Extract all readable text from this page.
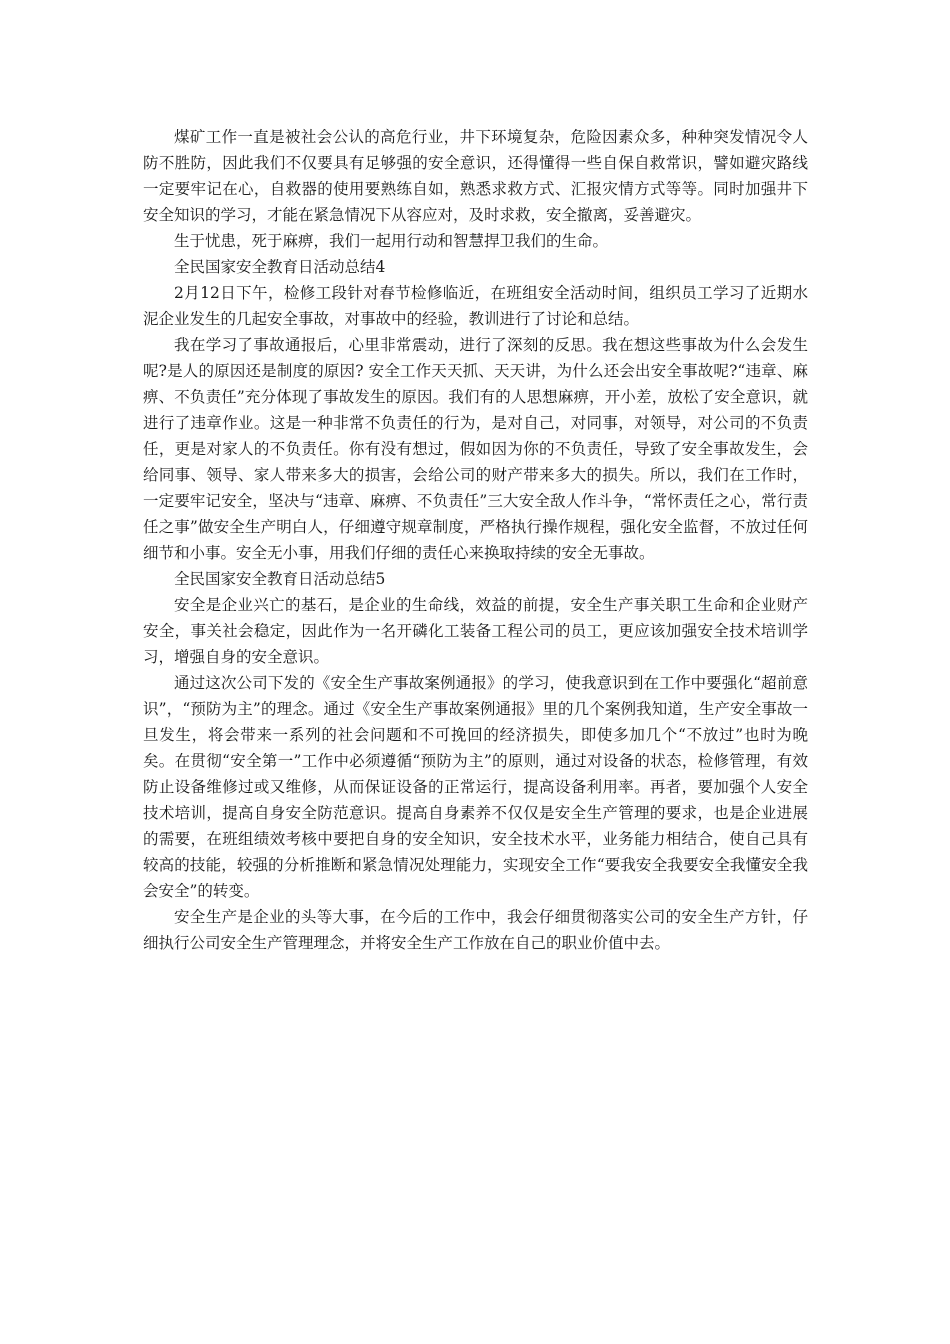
煤矿工作一直是被社会公认的高危行业，井下环境复杂，危险因素众多，种种突发情况令人防不胜防，因此我们不仅要具有足够强的安全意识，还得懂得一些自保自救常识，譬如避灾路线一定要牢记在心，自救器的使用要熟练自如，熟悉求救方式、汇报灾情方式等等。同时加强井下安全知识的学习，才能在紧急情况下从容应对，及时求救，安全撤离，妥善避灾。

生于忧患，死于麻痹，我们一起用行动和智慧捍卫我们的生命。

全民国家安全教育日活动总结4

2月12日下午，检修工段针对春节检修临近，在班组安全活动时间，组织员工学习了近期水泥企业发生的几起安全事故，对事故中的经验，教训进行了讨论和总结。

我在学习了事故通报后，心里非常震动，进行了深刻的反思。我在想这些事故为什么会发生呢?是人的原因还是制度的原因? 安全工作天天抓、天天讲，为什么还会出安全事故呢?“违章、麻痹、不负责任”充分体现了事故发生的原因。我们有的人思想麻痹，开小差，放松了安全意识，就进行了违章作业。这是一种非常不负责任的行为，是对自己，对同事，对领导，对公司的不负责任，更是对家人的不负责任。你有没有想过，假如因为你的不负责任，导致了安全事故发生，会给同事、领导、家人带来多大的损害，会给公司的财产带来多大的损失。所以，我们在工作时，一定要牢记安全，坚决与“违章、麻痹、不负责任”三大安全敌人作斗争，“常怀责任之心，常行责任之事”做安全生产明白人，仔细遵守规章制度，严格执行操作规程，强化安全监督，不放过任何细节和小事。安全无小事，用我们仔细的责任心来换取持续的安全无事故。

全民国家安全教育日活动总结5

安全是企业兴亡的基石，是企业的生命线，效益的前提，安全生产事关职工生命和企业财产安全，事关社会稳定，因此作为一名开磷化工装备工程公司的员工，更应该加强安全技术培训学习，增强自身的安全意识。

通过这次公司下发的《安全生产事故案例通报》的学习，使我意识到在工作中要强化“超前意识”，“预防为主”的理念。通过《安全生产事故案例通报》里的几个案例我知道，生产安全事故一旦发生，将会带来一系列的社会问题和不可挽回的经济损失，即使多加几个“不放过”也时为晚矣。在贯彻“安全第一”工作中必须遵循“预防为主”的原则，通过对设备的状态，检修管理，有效防止设备维修过或又维修，从而保证设备的正常运行，提高设备利用率。再者，要加强个人安全技术培训，提高自身安全防范意识。提高自身素养不仅仅是安全生产管理的要求，也是企业进展的需要，在班组绩效考核中要把自身的安全知识，安全技术水平，业务能力相结合，使自己具有较高的技能，较强的分析推断和紧急情况处理能力，实现安全工作“要我安全我要安全我懂安全我会安全”的转变。

安全生产是企业的头等大事，在今后的工作中，我会仔细贯彻落实公司的安全生产方针，仔细执行公司安全生产管理理念，并将安全生产工作放在自己的职业价值中去。
